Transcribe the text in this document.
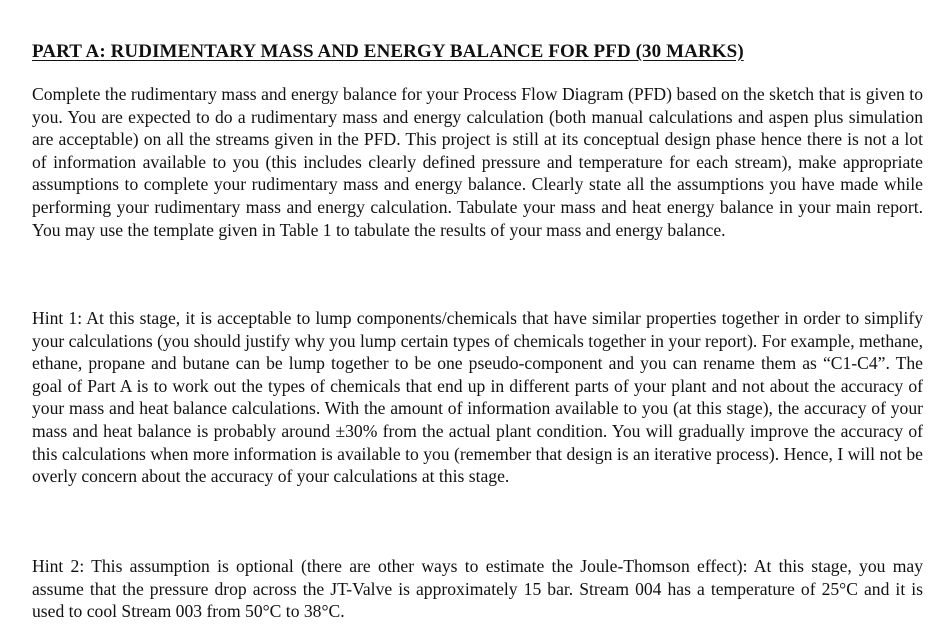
PART A: RUDIMENTARY MASS AND ENERGY BALANCE FOR PFD (30 MARKS)

Complete the rudimentary mass and energy balance for your Process Flow Diagram (PFD) based on the sketch that is given to you. You are expected to do a rudimentary mass and energy calculation (both manual calculations and aspen plus simulation are acceptable) on all the streams given in the PFD. This project is still at its conceptual design phase hence there is not a lot of information available to you (this includes clearly defined pressure and temperature for each stream), make appropriate assumptions to complete your rudimentary mass and energy balance. Clearly state all the assumptions you have made while performing your rudimentary mass and energy calculation. Tabulate your mass and heat energy balance in your main report. You may use the template given in Table 1 to tabulate the results of your mass and energy balance.

Hint 1: At this stage, it is acceptable to lump components/chemicals that have similar properties together in order to simplify your calculations (you should justify why you lump certain types of chemicals together in your report). For example, methane, ethane, propane and butane can be lump together to be one pseudo-component and you can rename them as “C1-C4”. The goal of Part A is to work out the types of chemicals that end up in different parts of your plant and not about the accuracy of your mass and heat balance calculations. With the amount of information available to you (at this stage), the accuracy of your mass and heat balance is probably around ±30% from the actual plant condition. You will gradually improve the accuracy of this calculations when more information is available to you (remember that design is an iterative process). Hence, I will not be overly concern about the accuracy of your calculations at this stage.

Hint 2: This assumption is optional (there are other ways to estimate the Joule-Thomson effect): At this stage, you may assume that the pressure drop across the JT-Valve is approximately 15 bar. Stream 004 has a temperature of 25°C and it is used to cool Stream 003 from 50°C to 38°C.
